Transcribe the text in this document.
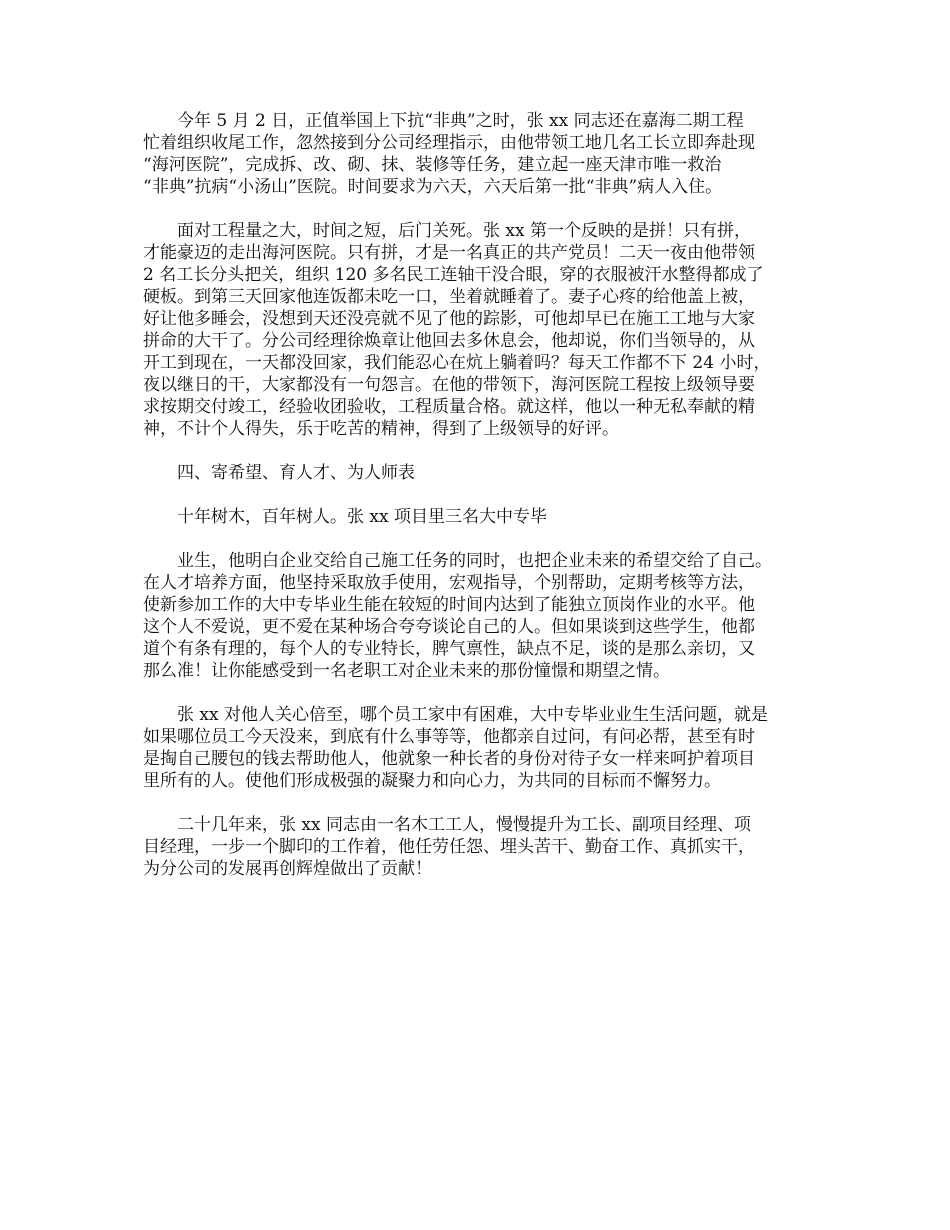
今年 5 月 2 日，正值举国上下抗“非典”之时，张 xx 同志还在嘉海二期工程
忙着组织收尾工作，忽然接到分公司经理指示，由他带领工地几名工长立即奔赴现
“海河医院”，完成拆、改、砌、抹、装修等任务，建立起一座天津市唯一救治
“非典”抗病“小汤山”医院。时间要求为六天，六天后第一批“非典”病人入住。

面对工程量之大，时间之短，后门关死。张 xx 第一个反映的是拼！只有拼，
才能豪迈的走出海河医院。只有拼，才是一名真正的共产党员！二天一夜由他带领
2 名工长分头把关，组织 120 多名民工连轴干没合眼，穿的衣服被汗水整得都成了
硬板。到第三天回家他连饭都未吃一口，坐着就睡着了。妻子心疼的给他盖上被，
好让他多睡会，没想到天还没亮就不见了他的踪影，可他却早已在施工工地与大家
拼命的大干了。分公司经理徐焕章让他回去多休息会，他却说，你们当领导的，从
开工到现在，一天都没回家，我们能忍心在炕上躺着吗？每天工作都不下 24 小时，
夜以继日的干，大家都没有一句怨言。在他的带领下，海河医院工程按上级领导要
求按期交付竣工，经验收团验收，工程质量合格。就这样，他以一种无私奉献的精
神，不计个人得失，乐于吃苦的精神，得到了上级领导的好评。

四、寄希望、育人才、为人师表

十年树木，百年树人。张 xx 项目里三名大中专毕

业生，他明白企业交给自己施工任务的同时，也把企业未来的希望交给了自己。
在人才培养方面，他坚持采取放手使用，宏观指导，个别帮助，定期考核等方法，
使新参加工作的大中专毕业生能在较短的时间内达到了能独立顶岗作业的水平。他
这个人不爱说，更不爱在某种场合夸夸谈论自己的人。但如果谈到这些学生，他都
道个有条有理的，每个人的专业特长，脾气禀性，缺点不足，谈的是那么亲切，又
那么准！让你能感受到一名老职工对企业未来的那份憧憬和期望之情。

张 xx 对他人关心倍至，哪个员工家中有困难，大中专毕业业生生活问题，就是
如果哪位员工今天没来，到底有什么事等等，他都亲自过问，有问必帮，甚至有时
是掏自己腰包的钱去帮助他人，他就象一种长者的身份对待子女一样来呵护着项目
里所有的人。使他们形成极强的凝聚力和向心力，为共同的目标而不懈努力。

二十几年来，张 xx 同志由一名木工工人，慢慢提升为工长、副项目经理、项
目经理，一步一个脚印的工作着，他任劳任怨、埋头苦干、勤奋工作、真抓实干，
为分公司的发展再创辉煌做出了贡献！
